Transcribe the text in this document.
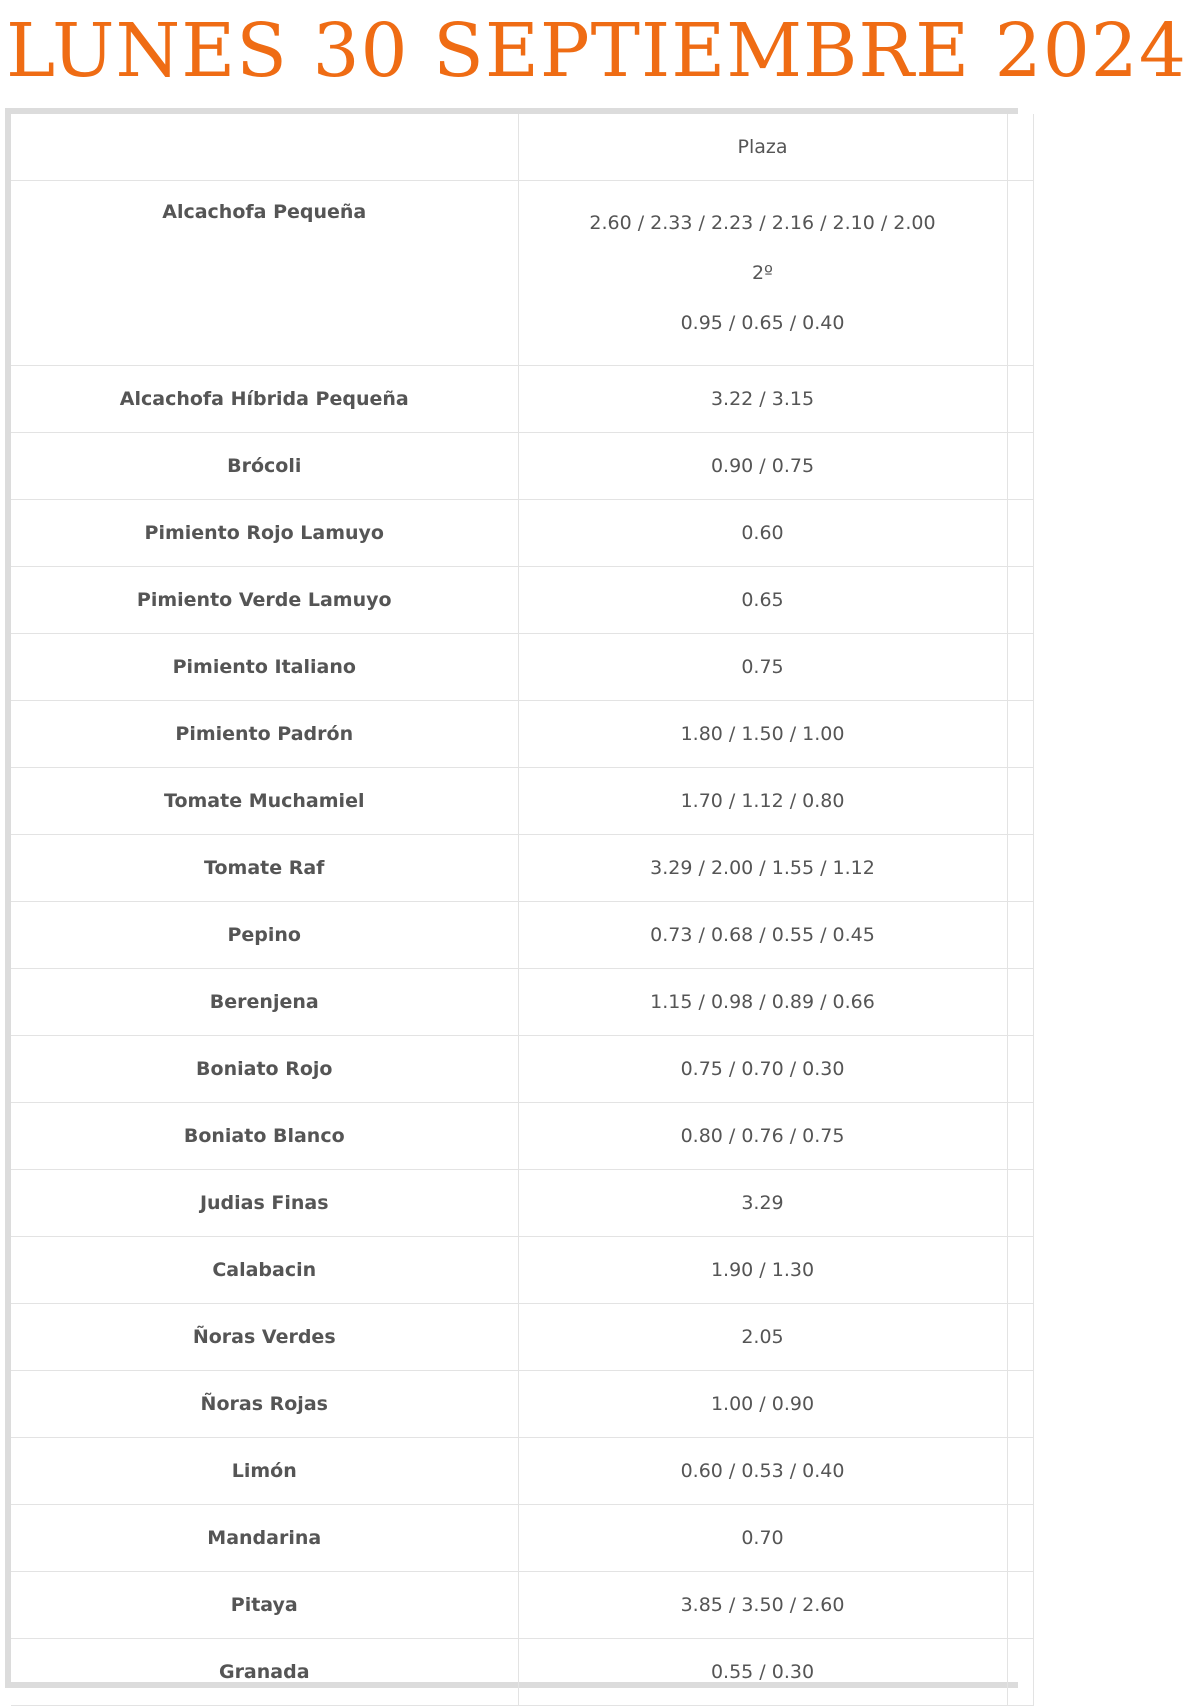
LUNES 30 SEPTIEMBRE 2024
	Plaza	
Alcachofa Pequeña	2.60 / 2.33 / 2.23 / 2.16 / 2.10 / 2.00
2º
0.95 / 0.65 / 0.40	

Alcachofa Híbrida Pequeña	3.22 / 3.15	
Brócoli	0.90 / 0.75	
Pimiento Rojo Lamuyo	0.60	
Pimiento Verde Lamuyo	0.65	
Pimiento Italiano	0.75	
Pimiento Padrón	1.80 / 1.50 / 1.00	
Tomate Muchamiel	1.70 / 1.12 / 0.80	
Tomate Raf	3.29 / 2.00 / 1.55 / 1.12	
Pepino	0.73 / 0.68 / 0.55 / 0.45	
Berenjena	1.15 / 0.98 / 0.89 / 0.66	
Boniato Rojo	0.75 / 0.70 / 0.30	
Boniato Blanco	0.80 / 0.76 / 0.75	
Judias Finas	3.29	
Calabacin	1.90 / 1.30	
Ñoras Verdes	2.05	
Ñoras Rojas	1.00 / 0.90	
Limón	0.60 / 0.53 / 0.40	
Mandarina	0.70	
Pitaya	3.85 / 3.50 / 2.60	
Granada	0.55 / 0.30	
